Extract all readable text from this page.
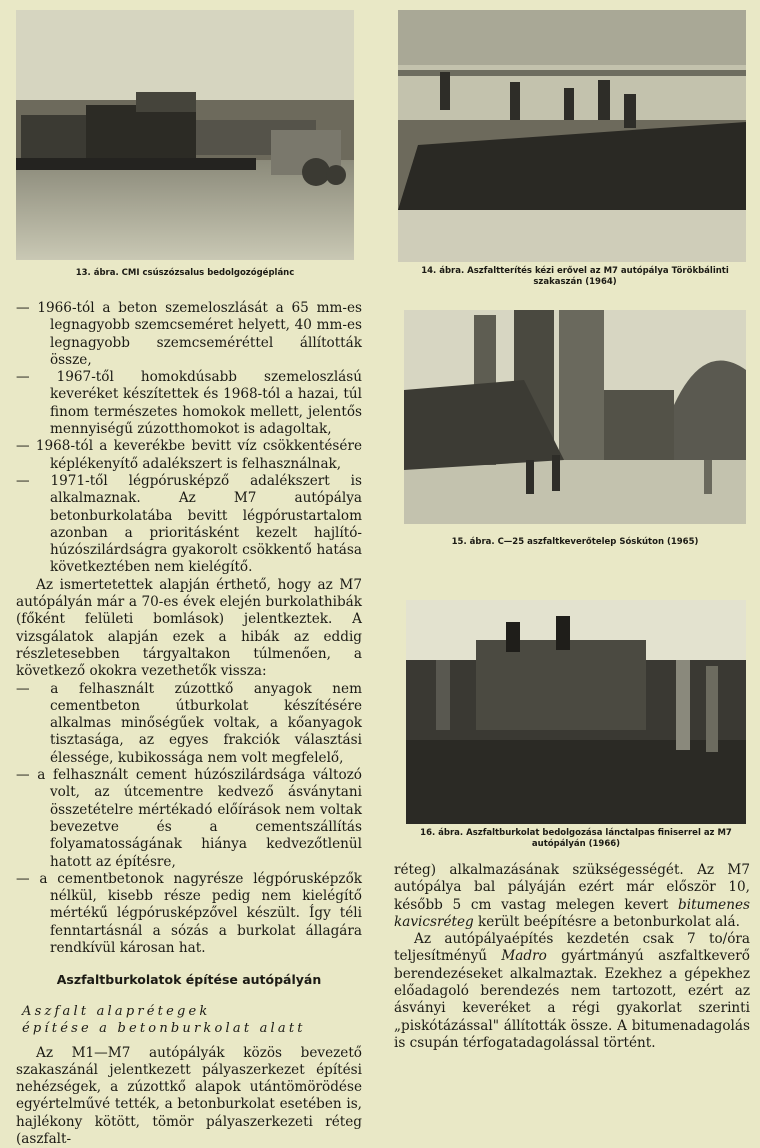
13. ábra. CMI csúszózsalus bedolgozógéplánc	14. ábra. Aszfaltterítés kézi erővel az M7 autópálya Törökbálinti szakaszán (1964)
15. ábra. C—25 aszfaltkeverőtelep Sóskúton (1965)
16. ábra. Aszfaltburkolat bedolgozása lánctalpas finiserrel az M7 autópályán (1966)

— 1966-tól a beton szemeloszlását a 65 mm-es legnagyobb szemcseméret helyett, 40 mm-es legnagyobb szemcseméréttel állították össze,

— 1967-től homokdúsabb szemeloszlású keveréket készítettek és 1968-tól a hazai, túl finom természetes homokok mellett, jelentős mennyiségű zúzotthomokot is adagoltak,

— 1968-tól a keverékbe bevitt víz csökkentésére képlékenyítő adalékszert is felhasználnak,

— 1971-től légpórusképző adalékszert is alkalmaznak. Az M7 autópálya betonburkolatába bevitt légpórustartalom azonban a prioritásként kezelt hajlító-húzószilárdságra gyakorolt csökkentő hatása következtében nem kielégítő.

Az ismertetettek alapján érthető, hogy az M7 autópályán már a 70-es évek elején burkolathibák (főként felületi bomlások) jelentkeztek. A vizsgálatok alapján ezek a hibák az eddig részletesebben tárgyaltakon túlmenően, a következő okokra vezethetők vissza:

— a felhasznált zúzottkő anyagok nem cementbeton útburkolat készítésére alkalmas minőségűek voltak, a kőanyagok tisztasága, az egyes frakciók választási élessége, kubikossága nem volt megfelelő,

— a felhasznált cement húzószilárdsága változó volt, az útcementre kedvező ásványtani összetételre mértékadó előírások nem voltak bevezetve és a cementszállítás folyamatosságának hiánya kedvezőtlenül hatott az építésre,

— a cementbetonok nagyrésze légpórusképzők nélkül, kisebb része pedig nem kielégítő mértékű légpórusképzővel készült. Így téli fenntartásnál a sózás a burkolat állagára rendkívül károsan hat.

Aszfaltburkolatok építése autópályán

Aszfalt alaprétegek
építése a betonburkolat alatt

Az M1—M7 autópályák közös bevezető szakaszánál jelentkezett pályaszerkezet építési nehézségek, a zúzottkő alapok utántömörödése egyértelművé tették, a betonburkolat esetében is, hajlékony kötött, tömör pályaszerkezeti réteg (aszfalt-

réteg) alkalmazásának szükségességét. Az M7 autópálya bal pályáján ezért már először 10, később 5 cm vastag melegen kevert bitumenes kavicsréteg került beépítésre a betonburkolat alá.

Az autópályaépítés kezdetén csak 7 to/óra teljesítményű Madro gyártmányú aszfaltkeverő berendezéseket alkalmaztak. Ezekhez a gépekhez előadagoló berendezés nem tartozott, ezért az ásványi keveréket a régi gyakorlat szerinti „piskótázással" állították össze. A bitumenadagolás is csupán térfogatadagolással történt.
